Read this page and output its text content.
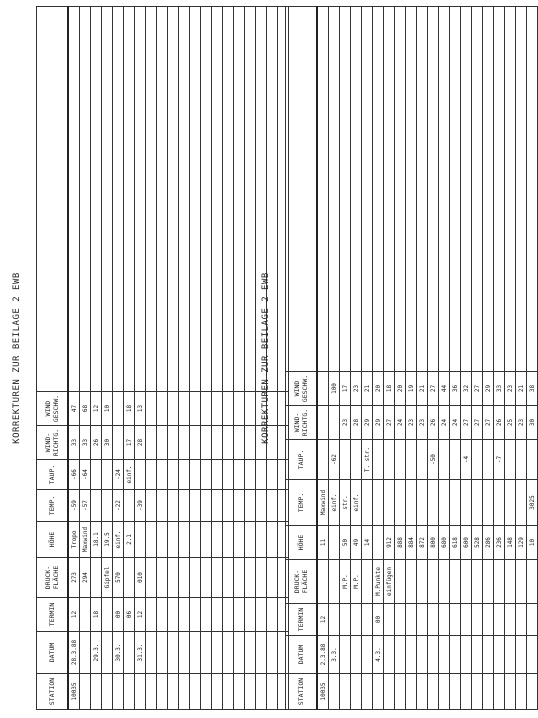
KORREKTUREN ZUR BEILAGE 2 EWB
STATION	DATUM	TERMIN	DRUCK-FLÄCHE	HÖHE	TEMP.	TAUP.	WIND-RICHTG.	WIND GESCHW.	
10035	28.3.88	12	273	Tropo	-59	-66	33	47	
			294	Maxwind	-57	-64	33	68	
	29.3.	18		18.1			26	12	
			Gipfel	19.5			30	10	
	30.3.	00	570	einf.	-22	-24			
		06		2.1		einf.	17	18	
	31.3.	12	010		-39		28	13	

										KORREKTUREN ZUR BEILAGE 2 EWB
STATION	DATUM	TERMIN	DRUCK-FLÄCHE	HÖHE	TEMP.	TAUP.	WIND-RICHTG.	WIND GESCHW.	
10035	2.3.88	12		11	Maxwind				
	3.3.				einf.	-62		100	
			M.P.	50	str.		23	17	
			M.P.	49	einf.		28	23	
				14		T. str.	29	21	
	4.3.	00	M.Punkte				29	20	
			einfügen	912			27	18	
				888			24	20	
				884			23	19	
				872			23	21	
				800		-50	26	27	
				680			24	44	
				618			24	36	
				600		-4	27	32	
				528			27	27	
				286			27	29	
				236		-7	26	33	
				148			25	23	
				129			23	21	
				10	3025		30	38	
